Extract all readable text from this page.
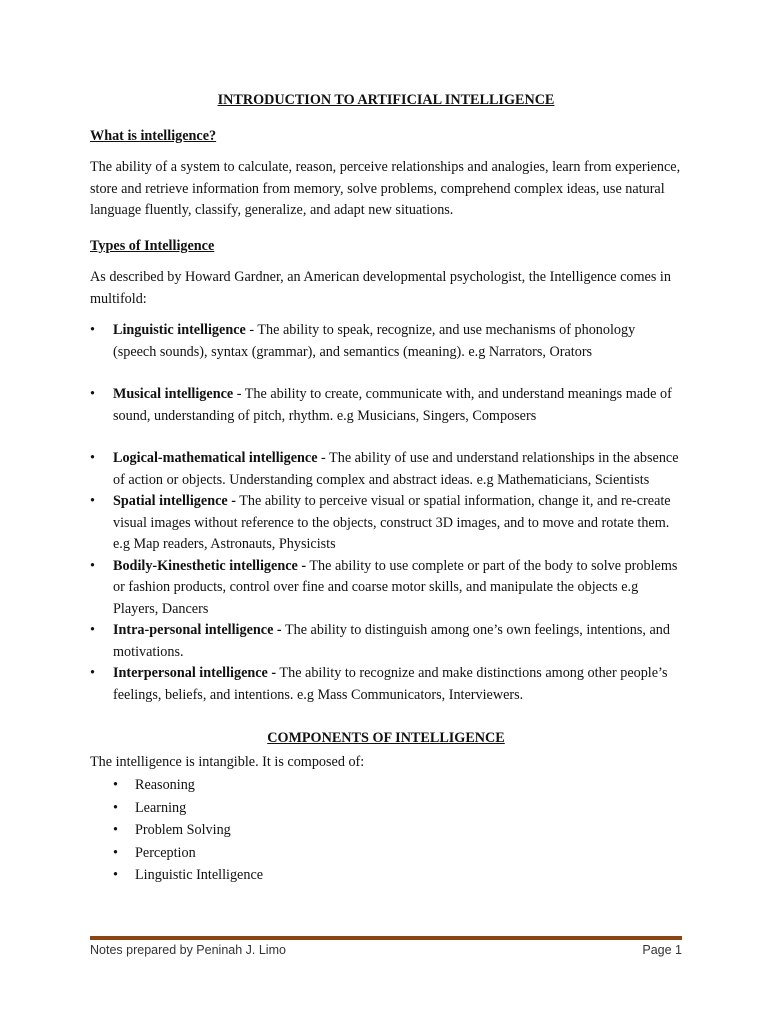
INTRODUCTION TO ARTIFICIAL INTELLIGENCE
What is intelligence?

The ability of a system to calculate, reason, perceive relationships and analogies, learn from experience, store and retrieve information from memory, solve problems, comprehend complex ideas, use natural language fluently, classify, generalize, and adapt new situations.

Types of Intelligence

As described by Howard Gardner, an American developmental psychologist, the Intelligence comes in multifold:

•	Linguistic intelligence - The ability to speak, recognize, and use mechanisms of phonology (speech sounds), syntax (grammar), and semantics (meaning). e.g Narrators, Orators
•	Musical intelligence - The ability to create, communicate with, and understand meanings made of sound, understanding of pitch, rhythm. e.g Musicians, Singers, Composers
•	Logical-mathematical intelligence - The ability of use and understand relationships in the absence of action or objects. Understanding complex and abstract ideas. e.g Mathematicians, Scientists
•	Spatial intelligence - The ability to perceive visual or spatial information, change it, and re-create visual images without reference to the objects, construct 3D images, and to move and rotate them. e.g Map readers, Astronauts, Physicists
•	Bodily-Kinesthetic intelligence - The ability to use complete or part of the body to solve problems or fashion products, control over fine and coarse motor skills, and manipulate the objects e.g Players, Dancers
•	Intra-personal intelligence - The ability to distinguish among one’s own feelings, intentions, and motivations.
•	Interpersonal intelligence - The ability to recognize and make distinctions among other people’s feelings, beliefs, and intentions. e.g Mass Communicators, Interviewers.
COMPONENTS OF INTELLIGENCE

The intelligence is intangible. It is composed of:

• Reasoning
• Learning
• Problem Solving
• Perception
• Linguistic Intelligence
Notes prepared by Peninah J. Limo	Page 1
